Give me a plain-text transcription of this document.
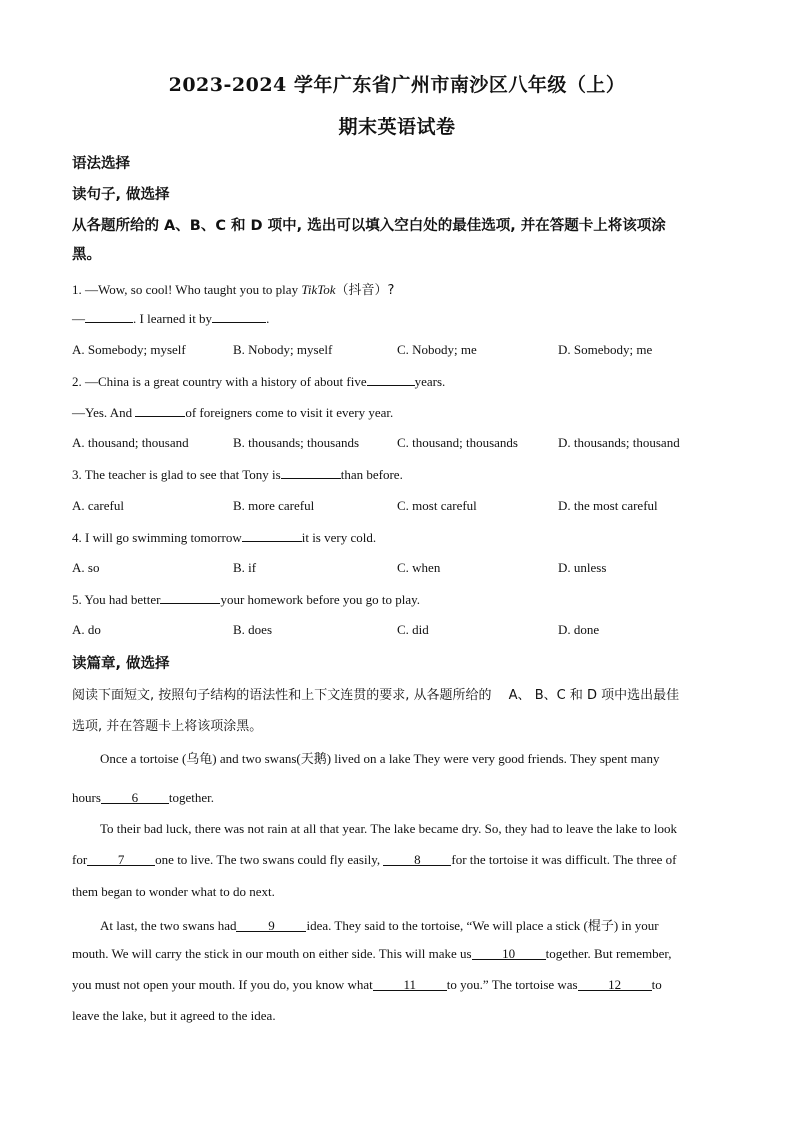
2023-2024 学年广东省广州市南沙区八年级（上）
期末英语试卷
语法选择
读句子, 做选择
从各题所给的 A、B、C 和 D 项中, 选出可以填入空白处的最佳选项, 并在答题卡上将该项涂
黑。
1. —Wow, so cool! Who taught you to play TikTok（抖音）?
—	. I learned it by	.
A. Somebody; myself	B. Nobody; myself	C. Nobody; me	D. Somebody; me
2. —China is a great country with a history of about five	years.
—Yes. And	of foreigners come to visit it every year.
A. thousand; thousand	B. thousands; thousands	C. thousand; thousands	D. thousands; thousand
3. The teacher is glad to see that Tony is	than before.
A. careful	B. more careful	C. most careful	D. the most careful
4. I will go swimming tomorrow	it is very cold.
A. so	B. if	C. when	D. unless
5. You had better	your homework before you go to play.
A. do	B. does	C. did	D. done
读篇章, 做选择
阅读下面短文, 按照句子结构的语法性和上下文连贯的要求, 从各题所给的　 A、 B、C 和 D 项中选出最佳
选项, 并在答题卡上将该项涂黑。
Once a tortoise (乌龟) and two swans(天鹅) lived on a lake They were very good friends. They spent many
hours 6 together.
To their bad luck, there was not rain at all that year. The lake became dry. So, they had to leave the lake to look
for 7 one to live. The two swans could fly easily, 8 for the tortoise it was difficult. The three of
them began to wonder what to do next.
At last, the two swans had 9 idea. They said to the tortoise, “We will place a stick (棍子) in your
mouth. We will carry the stick in our mouth on either side. This will make us 10 together. But remember,
you must not open your mouth. If you do, you know what 11 to you.” The tortoise was 12 to
leave the lake, but it agreed to the idea.
